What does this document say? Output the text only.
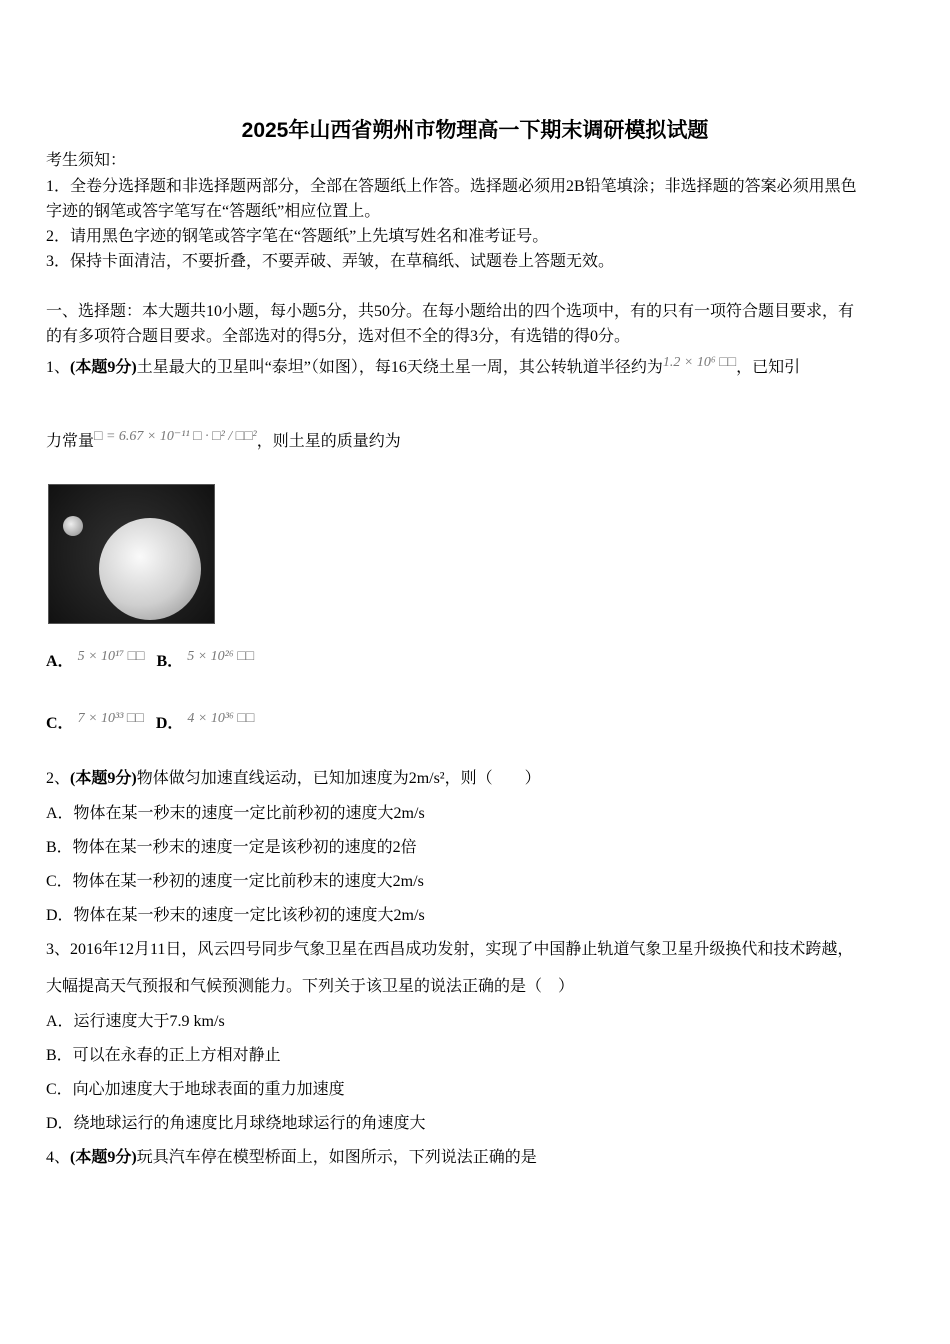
2025年山西省朔州市物理高一下期末调研模拟试题
考生须知：
1．全卷分选择题和非选择题两部分，全部在答题纸上作答。选择题必须用2B铅笔填涂；非选择题的答案必须用黑色
字迹的钢笔或答字笔写在“答题纸”相应位置上。
2．请用黑色字迹的钢笔或答字笔在“答题纸”上先填写姓名和准考证号。
3．保持卡面清洁，不要折叠，不要弄破、弄皱，在草稿纸、试题卷上答题无效。
一、选择题：本大题共10小题，每小题5分，共50分。在每小题给出的四个选项中，有的只有一项符合题目要求，有
的有多项符合题目要求。全部选对的得5分，选对但不全的得3分，有选错的得0分。
1、(本题9分)土星最大的卫星叫“泰坦”（如图），每16天绕土星一周，其公转轨道半径约为1.2 × 10⁶ □□，已知引
力常量□ = 6.67 × 10⁻¹¹ □ · □² / □□²，则土星的质量约为
A． 5 × 10¹⁷ □□ B． 5 × 10²⁶ □□
C． 7 × 10³³ □□ D． 4 × 10³⁶ □□
2、(本题9分)物体做匀加速直线运动，已知加速度为2m/s²，则（　　）
A．物体在某一秒末的速度一定比前秒初的速度大2m/s
B．物体在某一秒末的速度一定是该秒初的速度的2倍
C．物体在某一秒初的速度一定比前秒末的速度大2m/s
D．物体在某一秒末的速度一定比该秒初的速度大2m/s
3、2016年12月11日，风云四号同步气象卫星在西昌成功发射，实现了中国静止轨道气象卫星升级换代和技术跨越，
大幅提高天气预报和气候预测能力。下列关于该卫星的说法正确的是（　）
A．运行速度大于7.9 km/s
B．可以在永春的正上方相对静止
C．向心加速度大于地球表面的重力加速度
D．绕地球运行的角速度比月球绕地球运行的角速度大
4、(本题9分)玩具汽车停在模型桥面上，如图所示，下列说法正确的是
